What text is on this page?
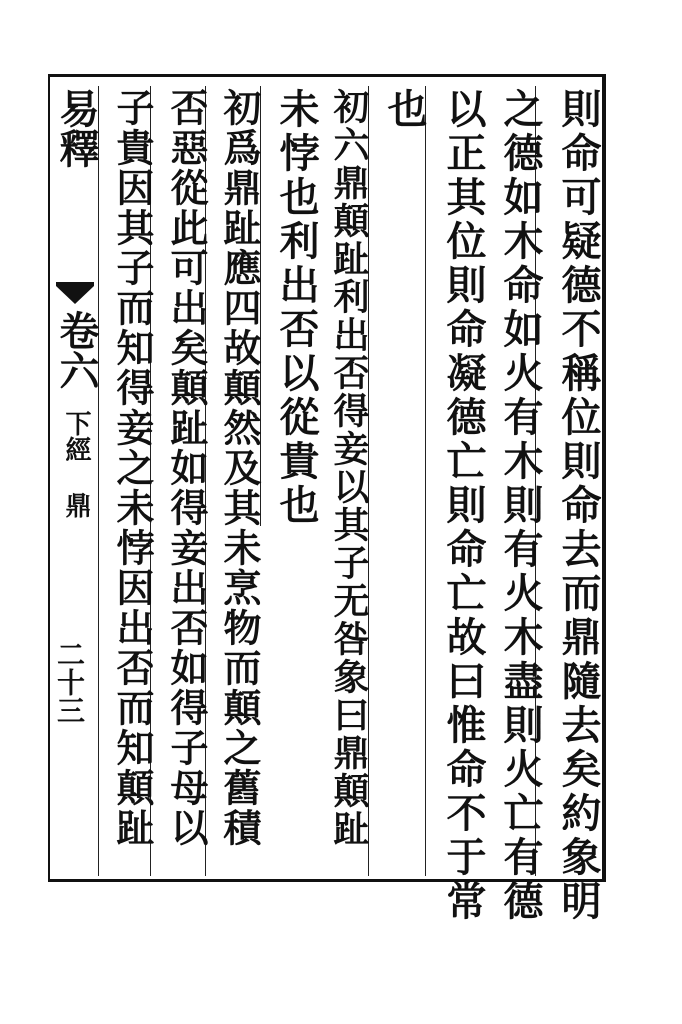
則命可疑德不稱位則命去而鼎隨去矣約象明
之德如木命如火有木則有火木盡則火亡有德
以正其位則命凝德亡則命亡故曰惟命不于常
也
初六鼎顛趾利出否得妾以其子无咎象曰鼎顛趾
未悖也利出否以從貴也
初爲鼎趾應四故顛然及其未烹物而顛之舊積
否惡從此可出矣顛趾如得妾出否如得子母以
子貴因其子而知得妾之未悖因出否而知顛趾
易釋
卷六
下經 鼎
二十三
